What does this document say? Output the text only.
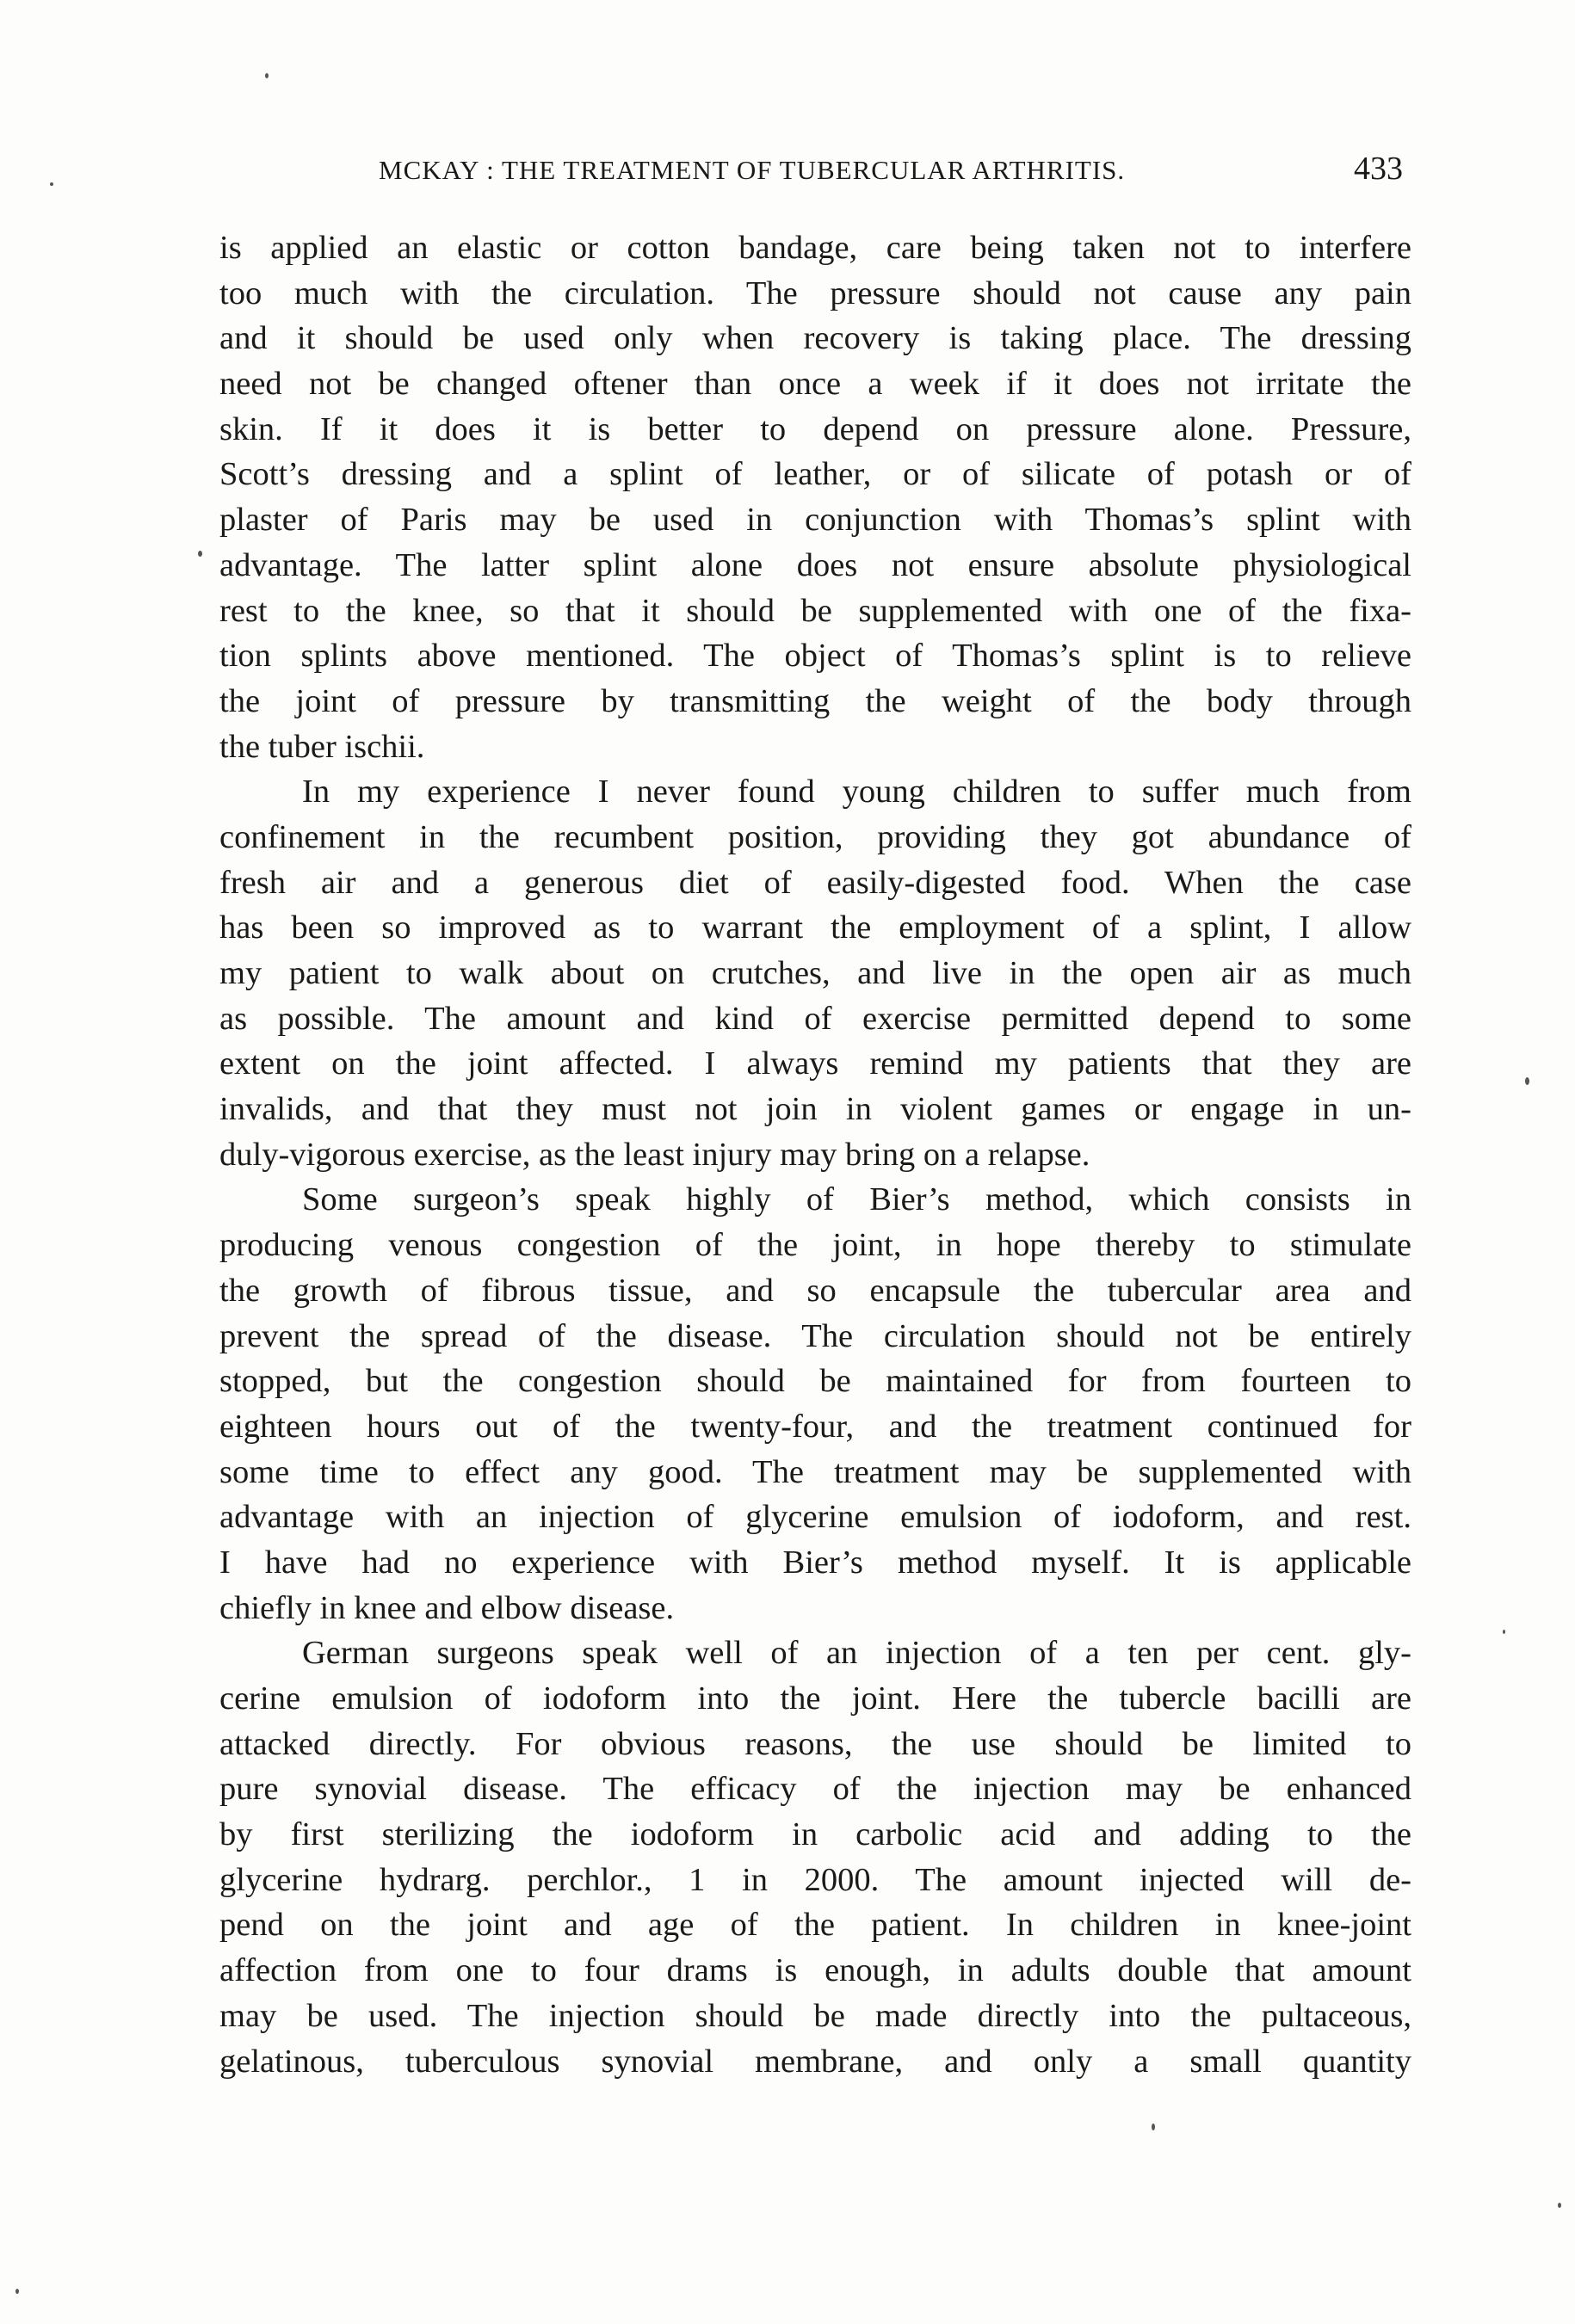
MCKAY : THE TREATMENT OF TUBERCULAR ARTHRITIS.	433
is applied an elastic or cotton bandage, care being taken not to interfere
too much with the circulation. The pressure should not cause any pain
and it should be used only when recovery is taking place. The dressing
need not be changed oftener than once a week if it does not irritate the
skin. If it does it is better to depend on pressure alone. Pressure,
Scott’s dressing and a splint of leather, or of silicate of potash or of
plaster of Paris may be used in conjunction with Thomas’s splint with
advantage. The latter splint alone does not ensure absolute physiological
rest to the knee, so that it should be supplemented with one of the fixa-
tion splints above mentioned. The object of Thomas’s splint is to relieve
the joint of pressure by transmitting the weight of the body through
the tuber ischii.
In my experience I never found young children to suffer much from
confinement in the recumbent position, providing they got abundance of
fresh air and a generous diet of easily-digested food. When the case
has been so improved as to warrant the employment of a splint, I allow
my patient to walk about on crutches, and live in the open air as much
as possible. The amount and kind of exercise permitted depend to some
extent on the joint affected. I always remind my patients that they are
invalids, and that they must not join in violent games or engage in un-
duly-vigorous exercise, as the least injury may bring on a relapse.
Some surgeon’s speak highly of Bier’s method, which consists in
producing venous congestion of the joint, in hope thereby to stimulate
the growth of fibrous tissue, and so encapsule the tubercular area and
prevent the spread of the disease. The circulation should not be entirely
stopped, but the congestion should be maintained for from fourteen to
eighteen hours out of the twenty-four, and the treatment continued for
some time to effect any good. The treatment may be supplemented with
advantage with an injection of glycerine emulsion of iodoform, and rest.
I have had no experience with Bier’s method myself. It is applicable
chiefly in knee and elbow disease.
German surgeons speak well of an injection of a ten per cent. gly-
cerine emulsion of iodoform into the joint. Here the tubercle bacilli are
attacked directly. For obvious reasons, the use should be limited to
pure synovial disease. The efficacy of the injection may be enhanced
by first sterilizing the iodoform in carbolic acid and adding to the
glycerine hydrarg. perchlor., 1 in 2000. The amount injected will de-
pend on the joint and age of the patient. In children in knee-joint
affection from one to four drams is enough, in adults double that amount
may be used. The injection should be made directly into the pultaceous,
gelatinous, tuberculous synovial membrane, and only a small quantity
